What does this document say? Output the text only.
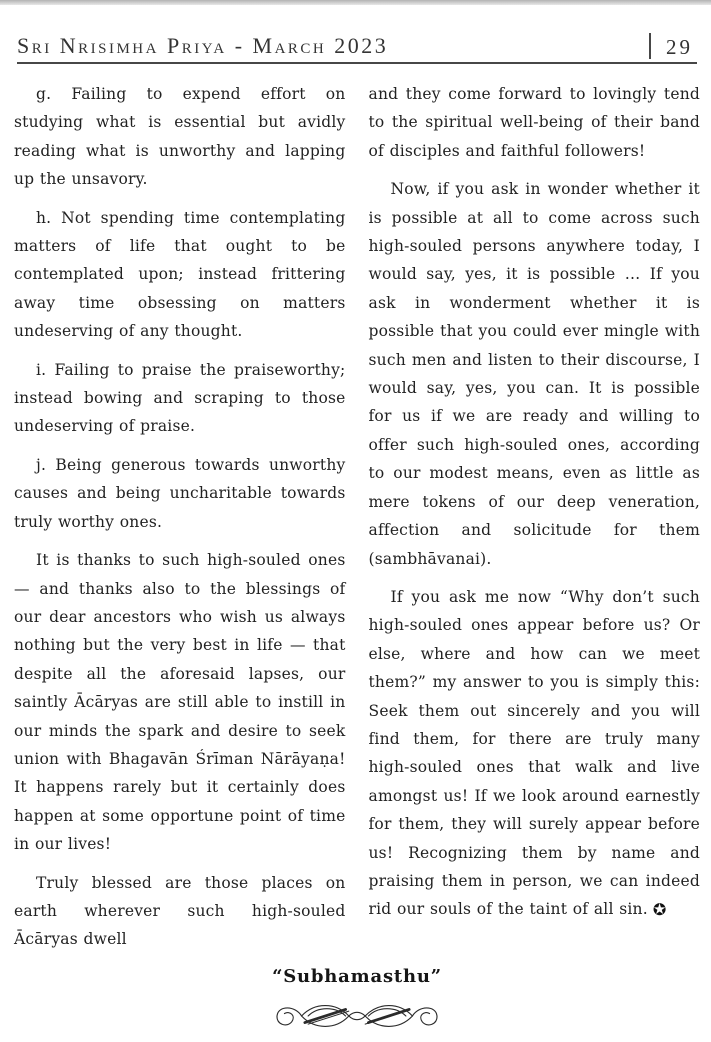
Sri Nrisimha Priya - March 2023	29

g. Failing to expend effort on studying what is essential but avidly reading what is unworthy and lapping up the unsavory.

h. Not spending time contemplating matters of life that ought to be contemplated upon; instead frittering away time obsessing on matters undeserving of any thought.

i. Failing to praise the praiseworthy; instead bowing and scraping to those undeserving of praise.

j. Being generous towards unworthy causes and being uncharitable towards truly worthy ones.

It is thanks to such high-souled ones — and thanks also to the blessings of our dear ancestors who wish us always nothing but the very best in life — that despite all the aforesaid lapses, our saintly Ācāryas are still able to instill in our minds the spark and desire to seek union with Bhagavān Śrīman Nārāyaṇa! It happens rarely but it certainly does happen at some opportune point of time in our lives!

Truly blessed are those places on earth wherever such high-souled Ācāryas dwell

and they come forward to lovingly tend to the spiritual well-being of their band of disciples and faithful followers!

Now, if you ask in wonder whether it is possible at all to come across such high-souled persons anywhere today, I would say, yes, it is possible … If you ask in wonderment whether it is possible that you could ever mingle with such men and listen to their discourse, I would say, yes, you can. It is possible for us if we are ready and willing to offer such high-souled ones, according to our modest means, even as little as mere tokens of our deep veneration, affection and solicitude for them (sambhāvanai).

If you ask me now “Why don’t such high-souled ones appear before us? Or else, where and how can we meet them?” my answer to you is simply this: Seek them out sincerely and you will find them, for there are truly many high-souled ones that walk and live amongst us! If we look around earnestly for them, they will surely appear before us! Recognizing them by name and praising them in person, we can indeed rid our souls of the taint of all sin. ✪

“Subhamasthu”
